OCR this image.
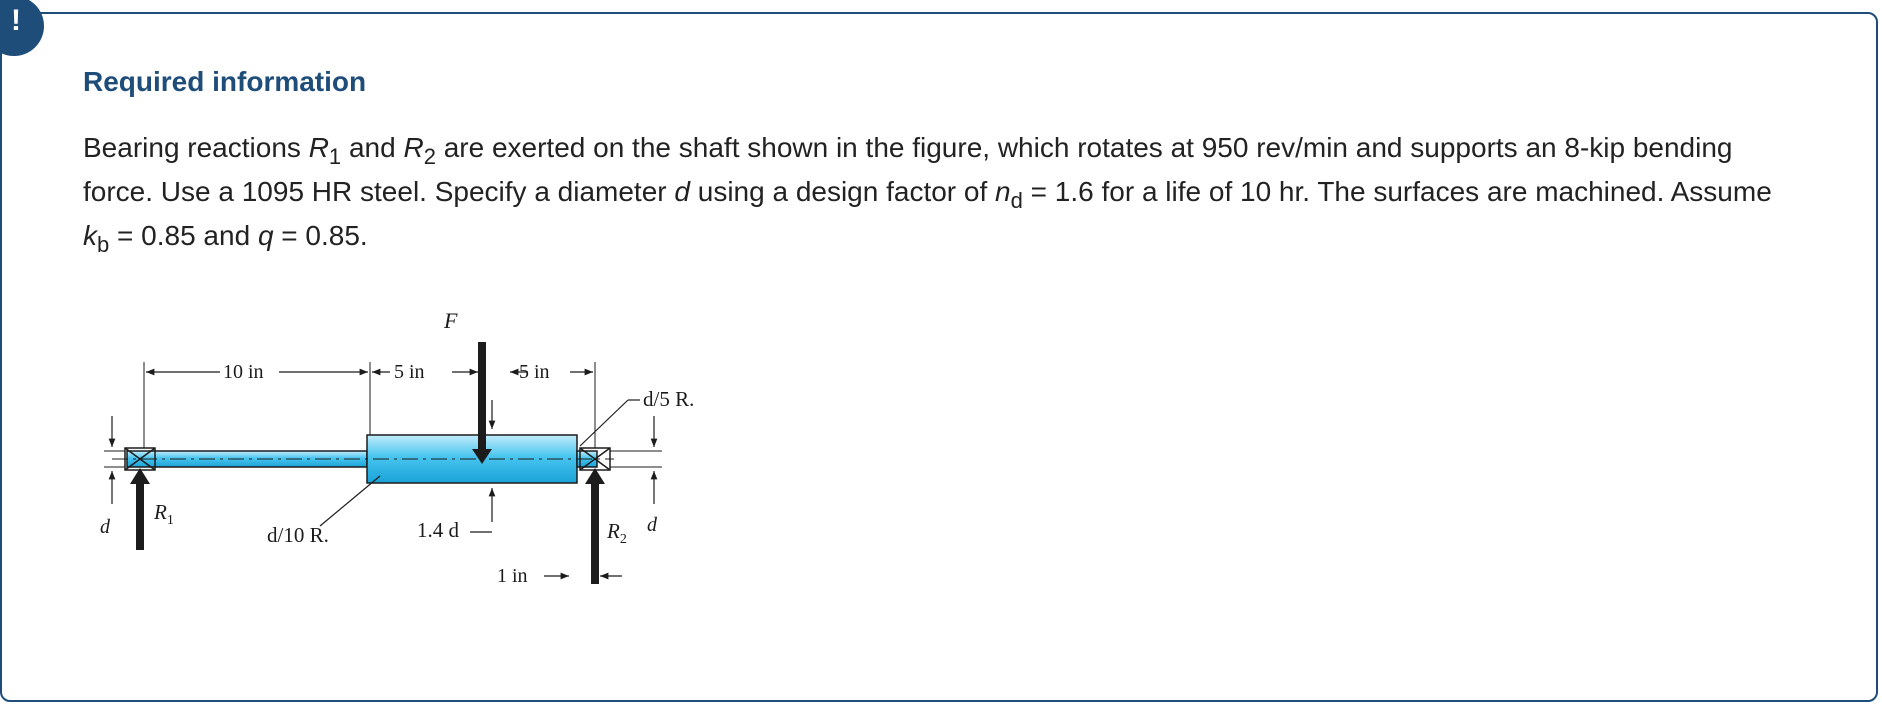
!
Required information

Bearing reactions $R_1$ and $R_2$ are exerted on the shaft shown in the figure, which rotates at 950 rev/min and supports an 8-kip bending force. Use a 1095 HR steel. Specify a diameter d using a design factor of $n_d = 1.6$ for a life of 10 hr. The surfaces are machined. Assume $k_b = 0.85$ and q = 0.85.

F
10 in	5 in	5 in
d/5 R.
d/10 R.	1.4 d
1 in
d	d
$R_1$	$R_2$
